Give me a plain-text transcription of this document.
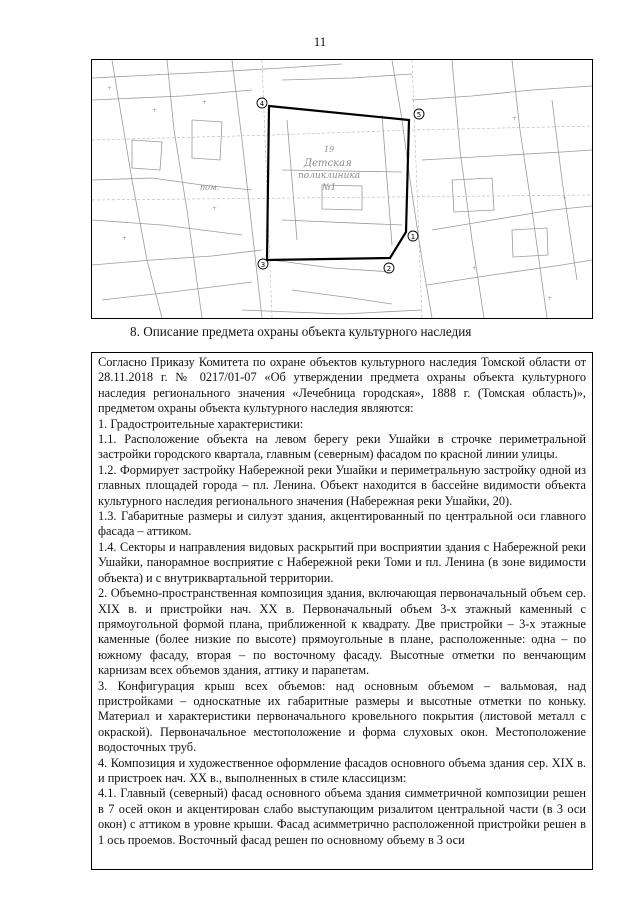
11
+
+
+
+
+
+
+
+
+
19
Детская
поликлиника
№1
пом.
4
5
1
2
3
8. Описание предмета охраны объекта культурного наследия

Согласно Приказу Комитета по охране объектов культурного наследия Томской области от 28.11.2018 г. № 0217/01-07 «Об утверждении предмета охраны объекта культурного наследия регионального значения «Лечебница городская», 1888 г. (Томская область)», предметом охраны объекта культурного наследия являются:

1. Градостроительные характеристики:

1.1. Расположение объекта на левом берегу реки Ушайки в строчке периметральной застройки городского квартала, главным (северным) фасадом по красной линии улицы.

1.2. Формирует застройку Набережной реки Ушайки и периметральную застройку одной из главных площадей города – пл. Ленина. Объект находится в бассейне видимости объекта культурного наследия регионального значения (Набережная реки Ушайки, 20).

1.3. Габаритные размеры и силуэт здания, акцентированный по центральной оси главного фасада – аттиком.

1.4. Секторы и направления видовых раскрытий при восприятии здания с Набережной реки Ушайки, панорамное восприятие с Набережной реки Томи и пл. Ленина (в зоне видимости объекта) и с внутриквартальной территории.

2. Объемно-пространственная композиция здания, включающая первоначальный объем сер. XIX в. и пристройки нач. XX в. Первоначальный объем 3-х этажный каменный с прямоугольной формой плана, приближенной к квадрату. Две пристройки – 3-х этажные каменные (более низкие по высоте) прямоугольные в плане, расположенные: одна – по южному фасаду, вторая – по восточному фасаду. Высотные отметки по венчающим карнизам всех объемов здания, аттику и парапетам.

3. Конфигурация крыш всех объемов: над основным объемом – вальмовая, над пристройками – односкатные их габаритные размеры и высотные отметки по коньку. Материал и характеристики первоначального кровельного покрытия (листовой металл с окраской). Первоначальное местоположение и форма слуховых окон. Местоположение водосточных труб.

4. Композиция и художественное оформление фасадов основного объема здания сер. XIX в. и пристроек нач. XX в., выполненных в стиле классицизм:

4.1. Главный (северный) фасад основного объема здания симметричной композиции решен в 7 осей окон и акцентирован слабо выступающим ризалитом центральной части (в 3 оси окон) с аттиком в уровне крыши. Фасад асимметрично расположенной пристройки решен в 1 ось проемов. Восточный фасад решен по основному объему в 3 оси
